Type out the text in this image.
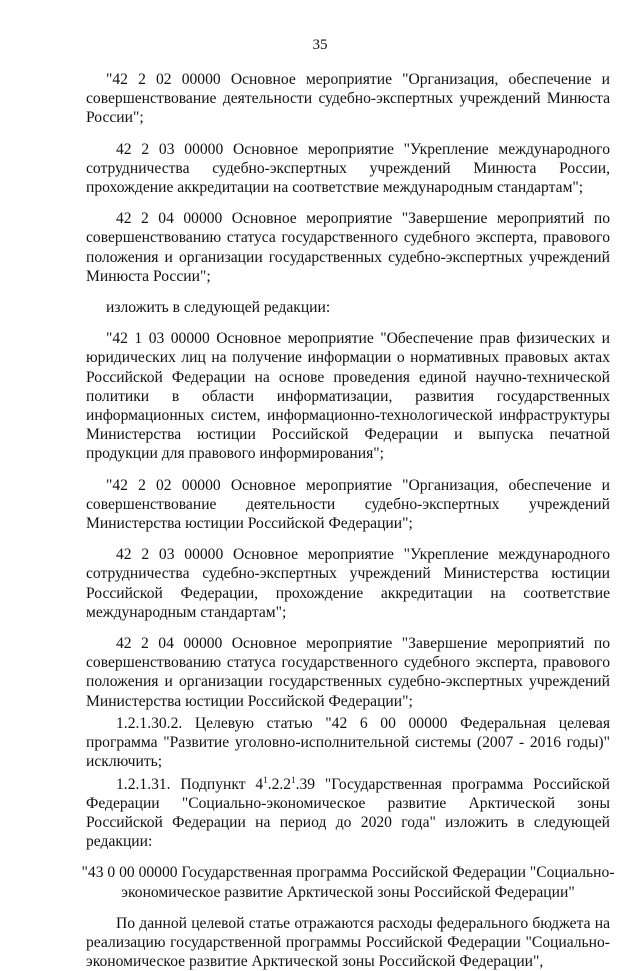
35

"42 2 02 00000 Основное мероприятие "Организация, обеспечение и совершенствование деятельности судебно-экспертных учреждений Минюста России";

42 2 03 00000 Основное мероприятие "Укрепление международного сотрудничества судебно-экспертных учреждений Минюста России, прохождение аккредитации на соответствие международным стандартам";

42 2 04 00000 Основное мероприятие "Завершение мероприятий по совершенствованию статуса государственного судебного эксперта, правового положения и организации государственных судебно-экспертных учреждений Минюста России";

изложить в следующей редакции:

"42 1 03 00000 Основное мероприятие "Обеспечение прав физических и юридических лиц на получение информации о нормативных правовых актах Российской Федерации на основе проведения единой научно-технической политики в области информатизации, развития государственных информационных систем, информационно-технологической инфраструктуры Министерства юстиции Российской Федерации и выпуска печатной продукции для правового информирования";

"42 2 02 00000 Основное мероприятие "Организация, обеспечение и совершенствование деятельности судебно-экспертных учреждений Министерства юстиции Российской Федерации";

42 2 03 00000 Основное мероприятие "Укрепление международного сотрудничества судебно-экспертных учреждений Министерства юстиции Российской Федерации, прохождение аккредитации на соответствие международным стандартам";

42 2 04 00000 Основное мероприятие "Завершение мероприятий по совершенствованию статуса государственного судебного эксперта, правового положения и организации государственных судебно-экспертных учреждений Министерства юстиции Российской Федерации";

1.2.1.30.2. Целевую статью "42 6 00 00000 Федеральная целевая программа "Развитие уголовно-исполнительной системы (2007 - 2016 годы)" исключить;

1.2.1.31. Подпункт $4^1.2.2^1.39$ "Государственная программа Российской Федерации "Социально-экономическое развитие Арктической зоны Российской Федерации на период до 2020 года" изложить в следующей редакции:

"43 0 00 00000 Государственная программа Российской Федерации "Социально-экономическое развитие Арктической зоны Российской Федерации"

По данной целевой статье отражаются расходы федерального бюджета на реализацию государственной программы Российской Федерации "Социально-экономическое развитие Арктической зоны Российской Федерации",
